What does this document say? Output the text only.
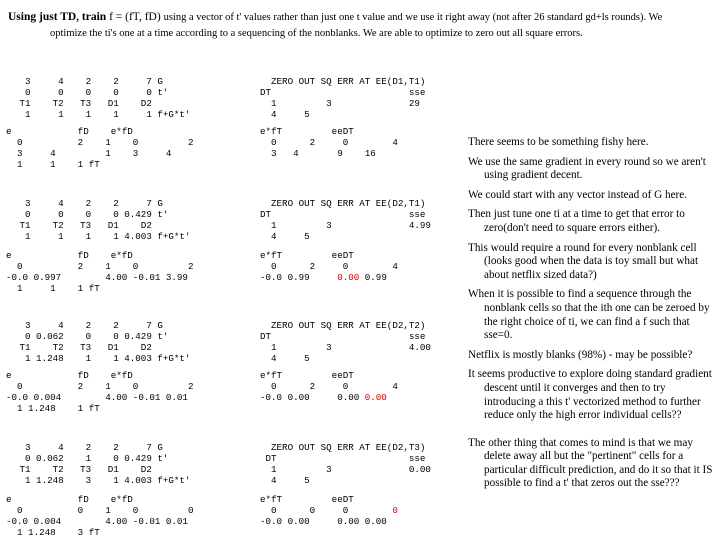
Using just TD, train f = (fT, fD) using a vector of t' values rather than just one t value and we use it right away (not after 26 standard gd+ls rounds). We
optimize the ti's one at a time according to a sequencing of the nonblanks. We are able to optimize to zero out all square errors.
3     4    2    2     7 G
0     0    0    0     0 t'
T1    T2   T3   D1    D2
1     1    1    1     1 f+G*t'
ZERO OUT SQ ERR AT EE(D1,T1)
DT                         sse
1         3              29
4     5
e            fD    e*fD
0          2    1    0         2
3     4         1    3     4
1     1    1 fT
e*fT         eeDT
0      2     0        4
3   4       9    16
3     4    2    2     7 G
0     0    0    0 0.429 t'
T1    T2   T3   D1    D2
1     1    1    1 4.003 f+G*t'
ZERO OUT SQ ERR AT EE(D2,T1)
DT                         sse
1         3              4.99
4     5
e            fD    e*fD
0          2    1    0         2
-0.0 0.997        4.00 -0.01 3.99
1     1    1 fT
e*fT         eeDT
0      2     0        4
-0.0 0.99     0.00 0.99
3     4    2    2     7 G
0 0.062    0    0 0.429 t'
T1    T2   T3   D1    D2
1 1.248    1    1 4.003 f+G*t'
ZERO OUT SQ ERR AT EE(D2,T2)
DT                         sse
1         3              4.00
4     5
e            fD    e*fD
0          2    1    0         2
-0.0 0.004        4.00 -0.01 0.01
1 1.248    1 fT
e*fT         eeDT
0      2     0        4
-0.0 0.00     0.00 0.00
3     4    2    2     7 G
0 0.062    1    0 0.429 t'
T1    T2   T3   D1    D2
1 1.248    3    1 4.003 f+G*t'
ZERO OUT SQ ERR AT EE(D2,T3)
DT                        sse
1         3              0.00
4     5
e            fD    e*fD
0          0    1    0         0
-0.0 0.004        4.00 -0.01 0.01
1 1.248    3 fT
e*fT         eeDT
0      0     0        0
-0.0 0.00     0.00 0.00

There seems to be something fishy here.

We use the same gradient in every round so we aren't using gradient decent.

We could start with any vector instead of G here.

Then just tune one ti at a time to get that error to zero(don't need to square errors either).

This would require a round for every nonblank cell (looks good when the data is toy small but what about netflix sized data?)

When it is possible to find a sequence through the nonblank cells so that the ith one can be zeroed by the right choice of ti, we can find a f such that sse=0.

Netflix is mostly blanks (98%) - may be possible?

It seems productive to explore doing standard gradient descent until it converges and then to try introducing a this t' vectorized method to further reduce only the high error individual cells??

The other thing that comes to mind is that we may delete away all but the "pertinent" cells for a particular difficult prediction, and do it so that it IS possible to find a t' that zeros out the sse???
